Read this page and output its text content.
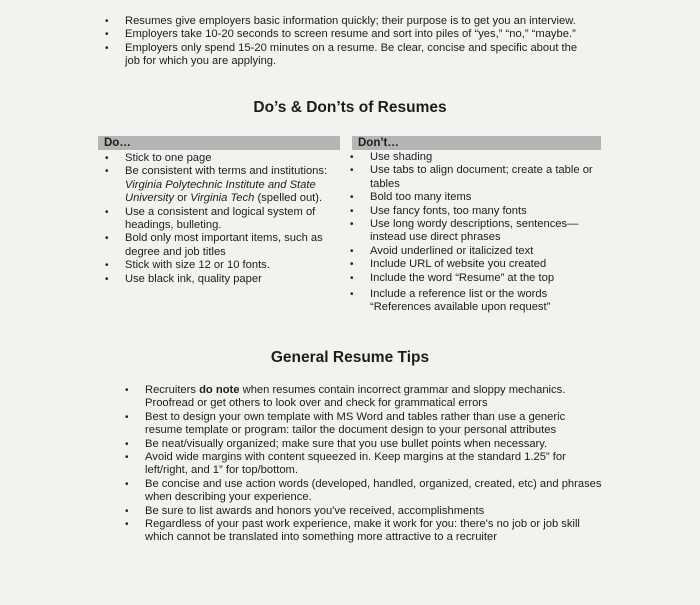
• Resumes give employers basic information quickly; their purpose is to get you an interview.
• Employers take 10-20 seconds to screen resume and sort into piles of “yes,” “no,” “maybe.”
• Employers only spend 15-20 minutes on a resume. Be clear, concise and specific about the job for which you are applying.
Do’s & Don’ts of Resumes
Do…	Don’t…
• Stick to one page
• Be consistent with terms and institutions: Virginia Polytechnic Institute and State University or Virginia Tech (spelled out).
• Use a consistent and logical system of headings, bulleting.
• Bold only most important items, such as degree and job titles
• Stick with size 12 or 10 fonts.
• Use black ink, quality paper
• Use shading
• Use tabs to align document; create a table or tables
• Bold too many items
• Use fancy fonts, too many fonts
• Use long wordy descriptions, sentences— instead use direct phrases
• Avoid underlined or italicized text
• Include URL of website you created
• Include the word “Resume” at the top
• Include a reference list or the words “References available upon request”
General Resume Tips
• Recruiters do note when resumes contain incorrect grammar and sloppy mechanics. Proofread or get others to look over and check for grammatical errors
• Best to design your own template with MS Word and tables rather than use a generic resume template or program: tailor the document design to your personal attributes
• Be neat/visually organized; make sure that you use bullet points when necessary.
• Avoid wide margins with content squeezed in. Keep margins at the standard 1.25” for left/right, and 1” for top/bottom.
• Be concise and use action words (developed, handled, organized, created, etc) and phrases when describing your experience.
• Be sure to list awards and honors you've received, accomplishments
• Regardless of your past work experience, make it work for you: there's no job or job skill which cannot be translated into something more attractive to a recruiter
